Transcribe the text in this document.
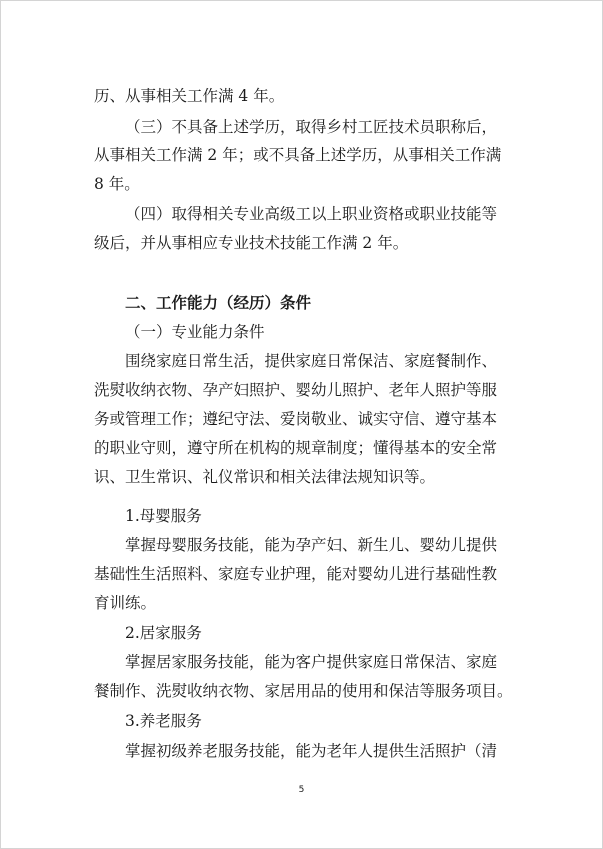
历、从事相关工作满 4 年。
（三）不具备上述学历，取得乡村工匠技术员职称后，
从事相关工作满 2 年；或不具备上述学历，从事相关工作满
8 年。
（四）取得相关专业高级工以上职业资格或职业技能等
级后，并从事相应专业技术技能工作满 2 年。
二、工作能力（经历）条件
（一）专业能力条件
围绕家庭日常生活，提供家庭日常保洁、家庭餐制作、
洗熨收纳衣物、孕产妇照护、婴幼儿照护、老年人照护等服
务或管理工作；遵纪守法、爱岗敬业、诚实守信、遵守基本
的职业守则，遵守所在机构的规章制度；懂得基本的安全常
识、卫生常识、礼仪常识和相关法律法规知识等。
1.母婴服务
掌握母婴服务技能，能为孕产妇、新生儿、婴幼儿提供
基础性生活照料、家庭专业护理，能对婴幼儿进行基础性教
育训练。
2.居家服务
掌握居家服务技能，能为客户提供家庭日常保洁、家庭
餐制作、洗熨收纳衣物、家居用品的使用和保洁等服务项目。
3.养老服务
掌握初级养老服务技能，能为老年人提供生活照护（清
5
